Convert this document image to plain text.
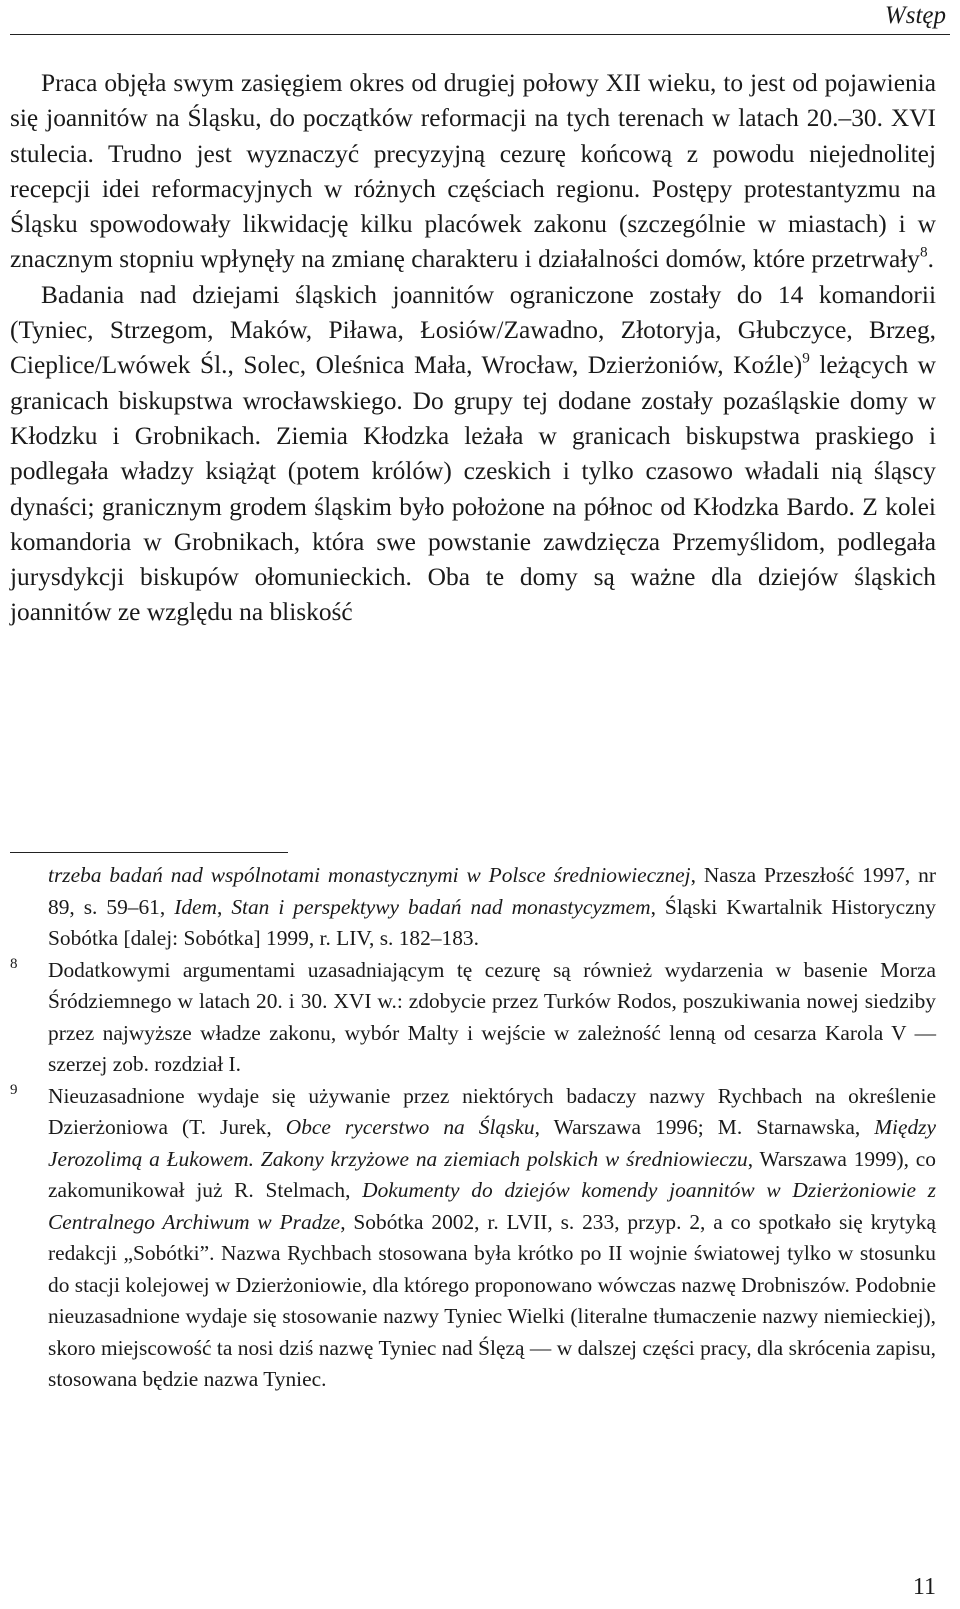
Wstęp

Praca objęła swym zasięgiem okres od drugiej połowy XII wieku, to jest od pojawienia się joannitów na Śląsku, do początków reformacji na tych terenach w latach 20.–30. XVI stulecia. Trudno jest wyznaczyć precyzyjną cezurę końcową z powodu niejednolitej recepcji idei reformacyjnych w różnych częściach regionu. Postępy protestantyzmu na Śląsku spowodowały likwidację kilku placówek zakonu (szczególnie w miastach) i w znacznym stopniu wpłynęły na zmianę charakteru i działalności domów, które przetrwały$^8$.

Badania nad dziejami śląskich joannitów ograniczone zostały do 14 komandorii (Tyniec, Strzegom, Maków, Piława, Łosiów/Zawadno, Złotoryja, Głubczyce, Brzeg, Cieplice/Lwówek Śl., Solec, Oleśnica Mała, Wrocław, Dzierżoniów, Koźle)$^9$ leżących w granicach biskupstwa wrocławskiego. Do grupy tej dodane zostały pozaśląskie domy w Kłodzku i Grobnikach. Ziemia Kłodzka leżała w granicach biskupstwa praskiego i podlegała władzy książąt (potem królów) czeskich i tylko czasowo władali nią śląscy dynaści; granicznym grodem śląskim było położone na północ od Kłodzka Bardo. Z kolei komandoria w Grobnikach, która swe powstanie zawdzięcza Przemyślidom, podlegała jurysdykcji biskupów ołomunieckich. Oba te domy są ważne dla dziejów śląskich joannitów ze względu na bliskość

trzeba badań nad wspólnotami monastycznymi w Polsce średniowiecznej, Nasza Przeszłość 1997, nr 89, s. 59–61, Idem, Stan i perspektywy badań nad monastycyzmem, Śląski Kwartalnik Historyczny Sobótka [dalej: Sobótka] 1999, r. LIV, s. 182–183.
8 Dodatkowymi argumentami uzasadniającym tę cezurę są również wydarzenia w basenie Morza Śródziemnego w latach 20. i 30. XVI w.: zdobycie przez Turków Rodos, poszukiwania nowej siedziby przez najwyższe władze zakonu, wybór Malty i wejście w zależność lenną od cesarza Karola V — szerzej zob. rozdział I.
9 Nieuzasadnione wydaje się używanie przez niektórych badaczy nazwy Rychbach na określenie Dzierżoniowa (T. Jurek, Obce rycerstwo na Śląsku, Warszawa 1996; M. Starnawska, Między Jerozolimą a Łukowem. Zakony krzyżowe na ziemiach polskich w średniowieczu, Warszawa 1999), co zakomunikował już R. Stelmach, Dokumenty do dziejów komendy joannitów w Dzierżoniowie z Centralnego Archiwum w Pradze, Sobótka 2002, r. LVII, s. 233, przyp. 2, a co spotkało się krytyką redakcji „Sobótki”. Nazwa Rychbach stosowana była krótko po II wojnie światowej tylko w stosunku do stacji kolejowej w Dzierżoniowie, dla którego proponowano wówczas nazwę Drobniszów. Podobnie nieuzasadnione wydaje się stosowanie nazwy Tyniec Wielki (literalne tłumaczenie nazwy niemieckiej), skoro miejscowość ta nosi dziś nazwę Tyniec nad Ślęzą — w dalszej części pracy, dla skrócenia zapisu, stosowana będzie nazwa Tyniec.
11
